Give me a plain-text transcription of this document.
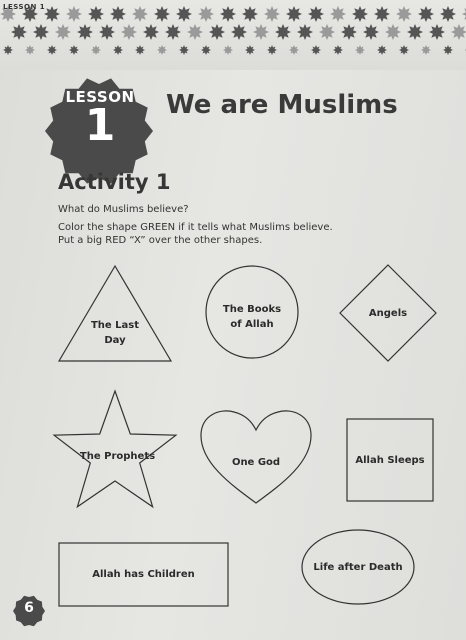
LESSON 1
LESSON
1	We are Muslims
Activity 1
What do Muslims believe?
Color the shape GREEN if it tells what Muslims believe.
Put a big RED “X” over the other shapes.
The Last
Day
The Books
of Allah
Angels
The Prophets
One God	Allah Sleeps
Allah has Children
Life after Death
6
